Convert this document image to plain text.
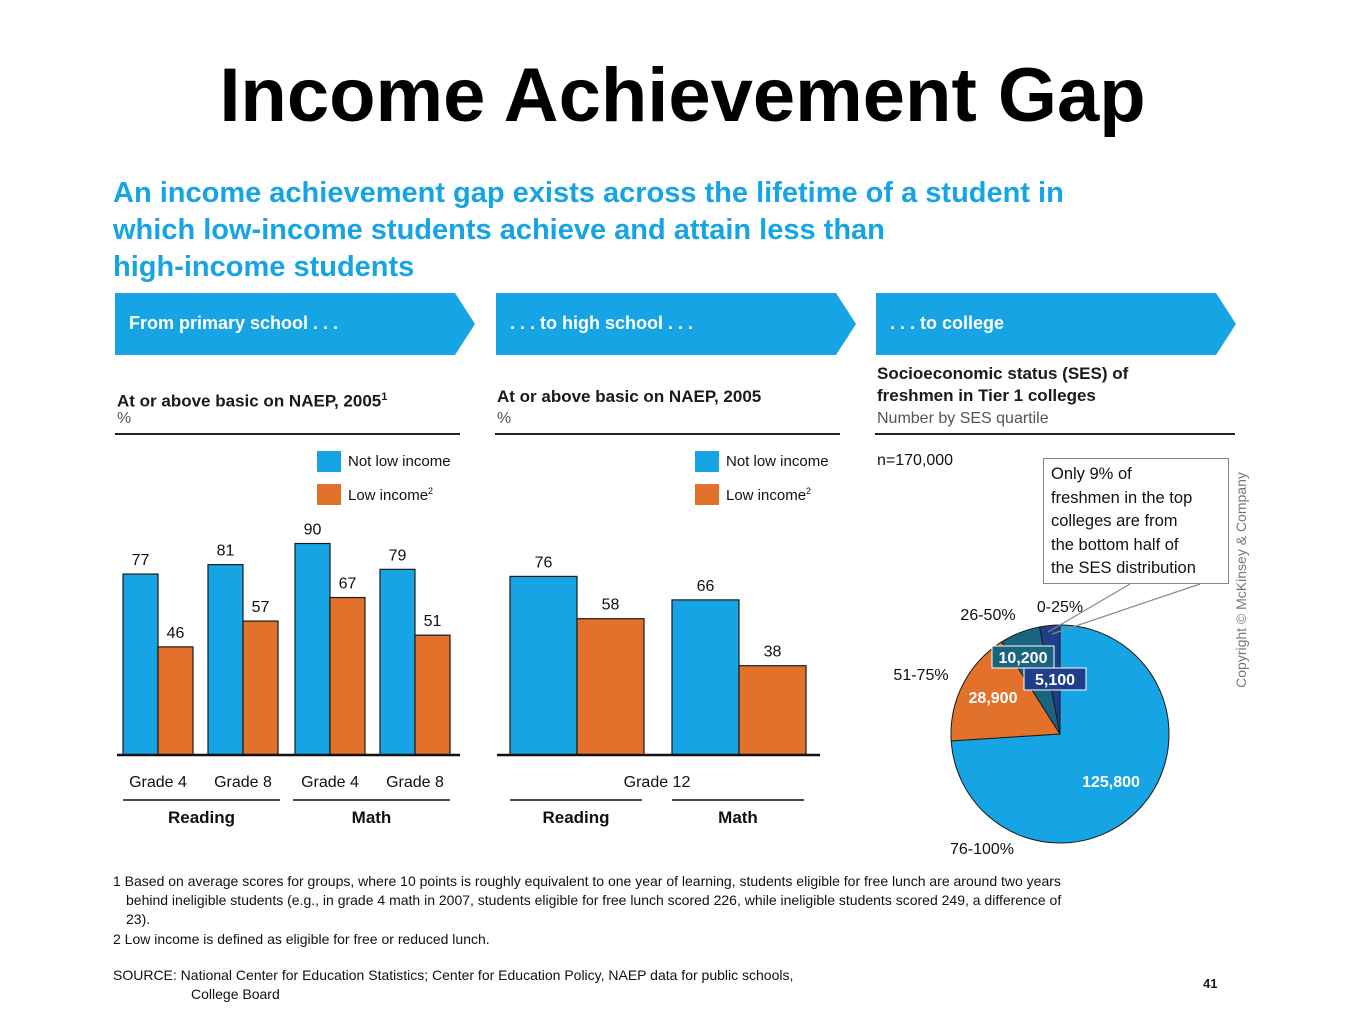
Income Achievement Gap
An income achievement gap exists across the lifetime of a student in
which low-income students achieve and attain less than
high-income students
From primary school . . .	. . . to high school . . .	. . . to college
At or above basic on NAEP, 2005$^1$
%
At or above basic on NAEP, 2005
%
Socioeconomic status (SES) of
freshmen in Tier 1 colleges
Number by SES quartile
Not low income
Low income$^2$
Not low income
Low income$^2$
n=170,000
77
46
Grade 4
81
57
Grade 8
90
67
Grade 4
79
51
Grade 8
Reading	Math
76
58
Reading
66
38
Math
Grade 12	125,800
28,900
10,200
5,100
0-25%
26-50%
51-75%
76-100%
Only 9% of
freshmen in the top
colleges are from
the bottom half of
the SES distribution	Copyright © McKinsey & Company
1 Based on average scores for groups, where 10 points is roughly equivalent to one year of learning, students eligible for free lunch are around two years
behind ineligible students (e.g., in grade 4 math in 2007, students eligible for free lunch scored 226, while ineligible students scored 249, a difference of
23).
2 Low income is defined as eligible for free or reduced lunch.
SOURCE: National Center for Education Statistics; Center for Education Policy, NAEP data for public schools,
College Board
41
